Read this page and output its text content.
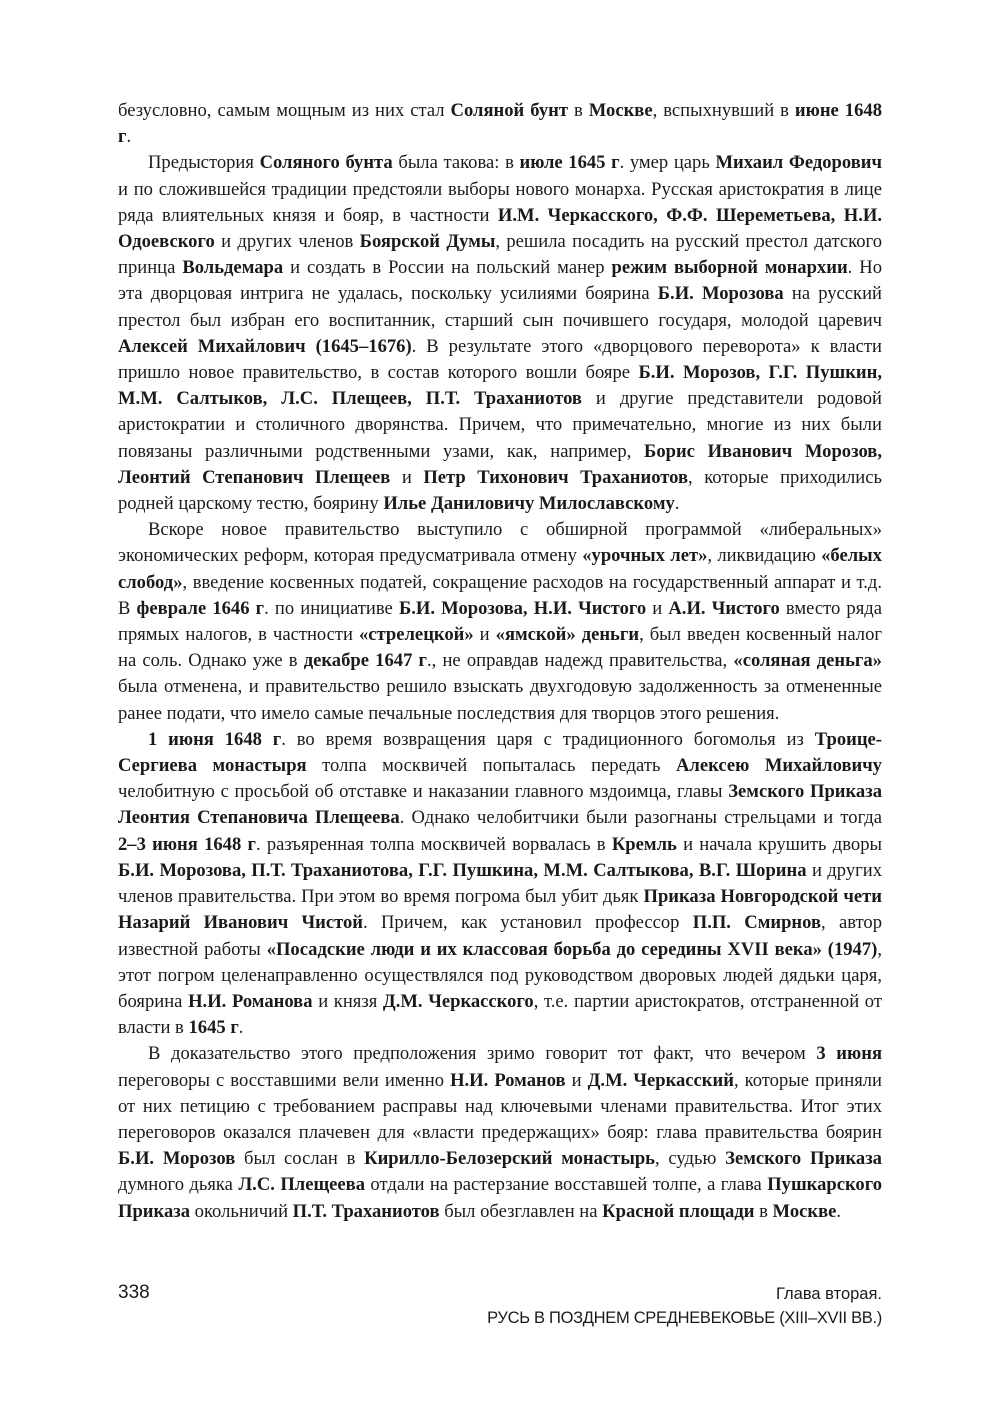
безусловно, самым мощным из них стал Соляной бунт в Москве, вспыхнувший в июне 1648 г.

Предыстория Соляного бунта была такова: в июле 1645 г. умер царь Михаил Федорович и по сложившейся традиции предстояли выборы нового монарха. Русская аристократия в лице ряда влиятельных князя и бояр, в частности И.М. Черкасского, Ф.Ф. Шереметьева, Н.И. Одоевского и других членов Боярской Думы, решила посадить на русский престол датского принца Вольдемара и создать в России на польский манер режим выборной монархии. Но эта дворцовая интрига не удалась, поскольку усилиями боярина Б.И. Морозова на русский престол был избран его воспитанник, старший сын почившего государя, молодой царевич Алексей Михайлович (1645–1676). В результате этого «дворцового переворота» к власти пришло новое правительство, в состав которого вошли бояре Б.И. Морозов, Г.Г. Пушкин, М.М. Салтыков, Л.С. Плещеев, П.Т. Траханиотов и другие представители родовой аристократии и столичного дворянства. Причем, что примечательно, многие из них были повязаны различными родственными узами, как, например, Борис Иванович Морозов, Леонтий Степанович Плещеев и Петр Тихонович Траханиотов, которые приходились родней царскому тестю, боярину Илье Даниловичу Милославскому.

Вскоре новое правительство выступило с обширной программой «либеральных» экономических реформ, которая предусматривала отмену «урочных лет», ликвидацию «белых слобод», введение косвенных податей, сокращение расходов на государственный аппарат и т.д. В феврале 1646 г. по инициативе Б.И. Морозова, Н.И. Чистого и А.И. Чистого вместо ряда прямых налогов, в частности «стрелецкой» и «ямской» деньги, был введен косвенный налог на соль. Однако уже в декабре 1647 г., не оправдав надежд правительства, «соляная деньга» была отменена, и правительство решило взыскать двухгодовую задолженность за отмененные ранее подати, что имело самые печальные последствия для творцов этого решения.

1 июня 1648 г. во время возвращения царя с традиционного богомолья из Троице-Сергиева монастыря толпа москвичей попыталась передать Алексею Михайловичу челобитную с просьбой об отставке и наказании главного мздоимца, главы Земского Приказа Леонтия Степановича Плещеева. Однако челобитчики были разогнаны стрельцами и тогда 2–3 июня 1648 г. разъяренная толпа москвичей ворвалась в Кремль и начала крушить дворы Б.И. Морозова, П.Т. Траханиотова, Г.Г. Пушкина, М.М. Салтыкова, В.Г. Шорина и других членов правительства. При этом во время погрома был убит дьяк Приказа Новгородской чети Назарий Иванович Чистой. Причем, как установил профессор П.П. Смирнов, автор известной работы «Посадские люди и их классовая борьба до середины XVII века» (1947), этот погром целенаправленно осуществлялся под руководством дворовых людей дядьки царя, боярина Н.И. Романова и князя Д.М. Черкасского, т.е. партии аристократов, отстраненной от власти в 1645 г.

В доказательство этого предположения зримо говорит тот факт, что вечером 3 июня переговоры с восставшими вели именно Н.И. Романов и Д.М. Черкасский, которые приняли от них петицию с требованием расправы над ключевыми членами правительства. Итог этих переговоров оказался плачевен для «власти предержащих» бояр: глава правительства боярин Б.И. Морозов был сослан в Кирилло-Белозерский монастырь, судью Земского Приказа думного дьяка Л.С. Плещеева отдали на растерзание восставшей толпе, а глава Пушкарского Приказа окольничий П.Т. Траханиотов был обезглавлен на Красной площади в Москве.

338	Глава вторая.
РУСЬ В ПОЗДНЕМ СРЕДНЕВЕКОВЬЕ (XIII–XVII ВВ.)
